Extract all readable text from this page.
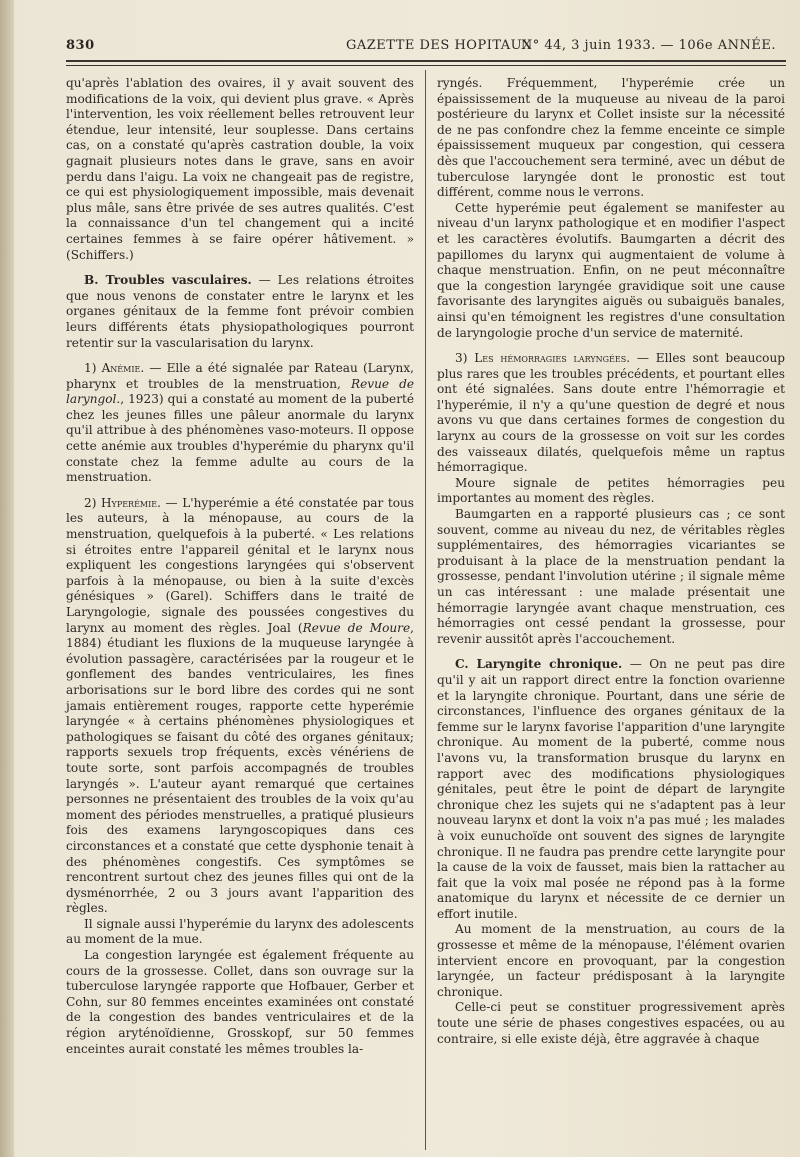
830	GAZETTE DES HOPITAUX
N° 44, 3 juin 1933. — 106e ANNÉE.

qu'après l'ablation des ovaires, il y avait souvent des modifications de la voix, qui devient plus grave. « Après l'intervention, les voix réellement belles retrouvent leur étendue, leur intensité, leur souplesse. Dans certains cas, on a constaté qu'après castration double, la voix gagnait plusieurs notes dans le grave, sans en avoir perdu dans l'aigu. La voix ne changeait pas de registre, ce qui est physiologiquement impossible, mais devenait plus mâle, sans être privée de ses autres qualités. C'est la connaissance d'un tel changement qui a incité certaines femmes à se faire opérer hâtivement. » (Schiffers.)

B. Troubles vasculaires. — Les relations étroites que nous venons de constater entre le larynx et les organes génitaux de la femme font prévoir combien leurs différents états physiopathologiques pourront retentir sur la vascularisation du larynx.

1) Anémie. — Elle a été signalée par Rateau (Larynx, pharynx et troubles de la menstruation, Revue de laryngol., 1923) qui a constaté au moment de la puberté chez les jeunes filles une pâleur anormale du larynx qu'il attribue à des phénomènes vaso-moteurs. Il oppose cette anémie aux troubles d'hyperémie du pharynx qu'il constate chez la femme adulte au cours de la menstruation.

2) Hyperémie. — L'hyperémie a été constatée par tous les auteurs, à la ménopause, au cours de la menstruation, quelquefois à la puberté. « Les relations si étroites entre l'appareil génital et le larynx nous expliquent les congestions laryngées qui s'observent parfois à la ménopause, ou bien à la suite d'excès génésiques » (Garel). Schiffers dans le traité de Laryngologie, signale des poussées congestives du larynx au moment des règles. Joal (Revue de Moure, 1884) étudiant les fluxions de la muqueuse laryngée à évolution passagère, caractérisées par la rougeur et le gonflement des bandes ventriculaires, les fines arborisations sur le bord libre des cordes qui ne sont jamais entièrement rouges, rapporte cette hyperémie laryngée « à certains phénomènes physiologiques et pathologiques se faisant du côté des organes génitaux; rapports sexuels trop fréquents, excès vénériens de toute sorte, sont parfois accompagnés de troubles laryngés ». L'auteur ayant remarqué que certaines personnes ne présentaient des troubles de la voix qu'au moment des périodes menstruelles, a pratiqué plusieurs fois des examens laryngoscopiques dans ces circonstances et a constaté que cette dysphonie tenait à des phénomènes congestifs. Ces symptômes se rencontrent surtout chez des jeunes filles qui ont de la dysménorrhée, 2 ou 3 jours avant l'apparition des règles.

Il signale aussi l'hyperémie du larynx des adolescents au moment de la mue.

La congestion laryngée est également fréquente au cours de la grossesse. Collet, dans son ouvrage sur la tuberculose laryngée rapporte que Hofbauer, Gerber et Cohn, sur 80 femmes enceintes examinées ont constaté de la congestion des bandes ventriculaires et de la région aryténoïdienne, Grosskopf, sur 50 femmes enceintes aurait constaté les mêmes troubles la-

ryngés. Fréquemment, l'hyperémie crée un épaississement de la muqueuse au niveau de la paroi postérieure du larynx et Collet insiste sur la nécessité de ne pas confondre chez la femme enceinte ce simple épaississement muqueux par congestion, qui cessera dès que l'accouchement sera terminé, avec un début de tuberculose laryngée dont le pronostic est tout différent, comme nous le verrons.

Cette hyperémie peut également se manifester au niveau d'un larynx pathologique et en modifier l'aspect et les caractères évolutifs. Baumgarten a décrit des papillomes du larynx qui augmentaient de volume à chaque menstruation. Enfin, on ne peut méconnaître que la congestion laryngée gravidique soit une cause favorisante des laryngites aiguës ou subaiguës banales, ainsi qu'en témoignent les registres d'une consultation de laryngologie proche d'un service de maternité.

3) Les hémorragies laryngées. — Elles sont beaucoup plus rares que les troubles précédents, et pourtant elles ont été signalées. Sans doute entre l'hémorragie et l'hyperémie, il n'y a qu'une question de degré et nous avons vu que dans certaines formes de congestion du larynx au cours de la grossesse on voit sur les cordes des vaisseaux dilatés, quelquefois même un raptus hémorragique.

Moure signale de petites hémorragies peu importantes au moment des règles.

Baumgarten en a rapporté plusieurs cas ; ce sont souvent, comme au niveau du nez, de véritables règles supplémentaires, des hémorragies vicariantes se produisant à la place de la menstruation pendant la grossesse, pendant l'involution utérine ; il signale même un cas intéressant : une malade présentait une hémorragie laryngée avant chaque menstruation, ces hémorragies ont cessé pendant la grossesse, pour revenir aussitôt après l'accouchement.

C. Laryngite chronique. — On ne peut pas dire qu'il y ait un rapport direct entre la fonction ovarienne et la laryngite chronique. Pourtant, dans une série de circonstances, l'influence des organes génitaux de la femme sur le larynx favorise l'apparition d'une laryngite chronique. Au moment de la puberté, comme nous l'avons vu, la transformation brusque du larynx en rapport avec des modifications physiologiques génitales, peut être le point de départ de laryngite chronique chez les sujets qui ne s'adaptent pas à leur nouveau larynx et dont la voix n'a pas mué ; les malades à voix eunuchoïde ont souvent des signes de laryngite chronique. Il ne faudra pas prendre cette laryngite pour la cause de la voix de fausset, mais bien la rattacher au fait que la voix mal posée ne répond pas à la forme anatomique du larynx et nécessite de ce dernier un effort inutile.

Au moment de la menstruation, au cours de la grossesse et même de la ménopause, l'élément ovarien intervient encore en provoquant, par la congestion laryngée, un facteur prédisposant à la laryngite chronique.

Celle-ci peut se constituer progressivement après toute une série de phases congestives espacées, ou au contraire, si elle existe déjà, être aggravée à chaque
